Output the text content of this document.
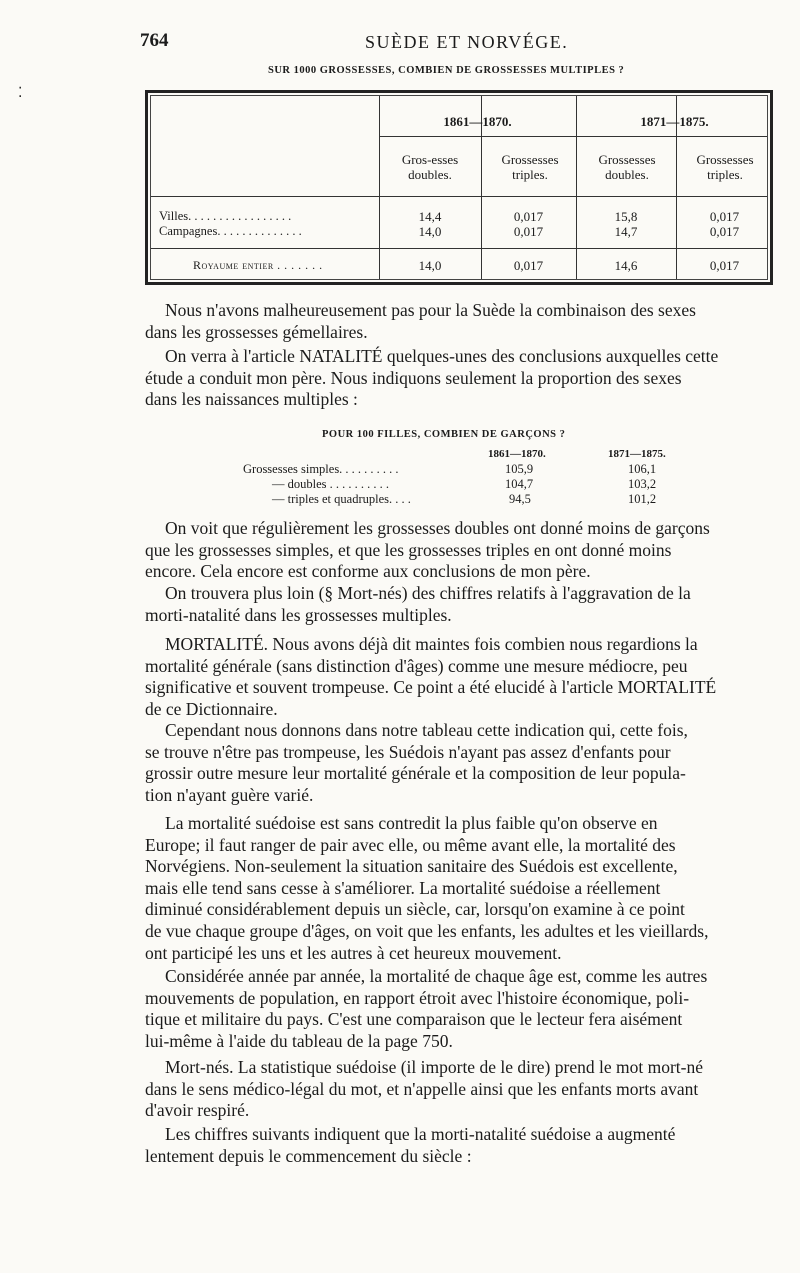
764	SUÈDE ET NORVÉGE.
⁚
SUR 1000 GROSSESSES, COMBIEN DE GROSSESSES MULTIPLES ?
1861—1870.	1871—1875.
Gros-esses doubles.
Grossesses triples.
Grossesses doubles.
Grossesses triples.
Villes. . . . . . . . . . . . . . . . .	14,4	0,017	15,8	0,017
Campagnes. . . . . . . . . . . . . .	14,0	0,017	14,7	0,017
Royaume entier . . . . . . .	14,0	0,017	14,6	0,017
Nous n'avons malheureusement pas pour la Suède la combinaison des sexes
dans les grossesses gémellaires.
On verra à l'article NATALITÉ quelques-unes des conclusions auxquelles cette
étude a conduit mon père. Nous indiquons seulement la proportion des sexes
dans les naissances multiples :
POUR 100 FILLES, COMBIEN DE GARÇONS ?
1861—1870.	1871—1875.
Grossesses simples. . . . . . . . . .	105,9	106,1
— doubles . . . . . . . . . .	104,7	103,2
— triples et quadruples. . . .	94,5	101,2
On voit que régulièrement les grossesses doubles ont donné moins de garçons
que les grossesses simples, et que les grossesses triples en ont donné moins
encore. Cela encore est conforme aux conclusions de mon père.
On trouvera plus loin (§ Mort-nés) des chiffres relatifs à l'aggravation de la
morti-natalité dans les grossesses multiples.
MORTALITÉ. Nous avons déjà dit maintes fois combien nous regardions la
mortalité générale (sans distinction d'âges) comme une mesure médiocre, peu
significative et souvent trompeuse. Ce point a été elucidé à l'article MORTALITÉ
de ce Dictionnaire.
Cependant nous donnons dans notre tableau cette indication qui, cette fois,
se trouve n'être pas trompeuse, les Suédois n'ayant pas assez d'enfants pour
grossir outre mesure leur mortalité générale et la composition de leur popula-
tion n'ayant guère varié.
La mortalité suédoise est sans contredit la plus faible qu'on observe en
Europe; il faut ranger de pair avec elle, ou même avant elle, la mortalité des
Norvégiens. Non-seulement la situation sanitaire des Suédois est excellente,
mais elle tend sans cesse à s'améliorer. La mortalité suédoise a réellement
diminué considérablement depuis un siècle, car, lorsqu'on examine à ce point
de vue chaque groupe d'âges, on voit que les enfants, les adultes et les vieillards,
ont participé les uns et les autres à cet heureux mouvement.
Considérée année par année, la mortalité de chaque âge est, comme les autres
mouvements de population, en rapport étroit avec l'histoire économique, poli-
tique et militaire du pays. C'est une comparaison que le lecteur fera aisément
lui-même à l'aide du tableau de la page 750.
Mort-nés. La statistique suédoise (il importe de le dire) prend le mot mort-né
dans le sens médico-légal du mot, et n'appelle ainsi que les enfants morts avant
d'avoir respiré.
Les chiffres suivants indiquent que la morti-natalité suédoise a augmenté
lentement depuis le commencement du siècle :
